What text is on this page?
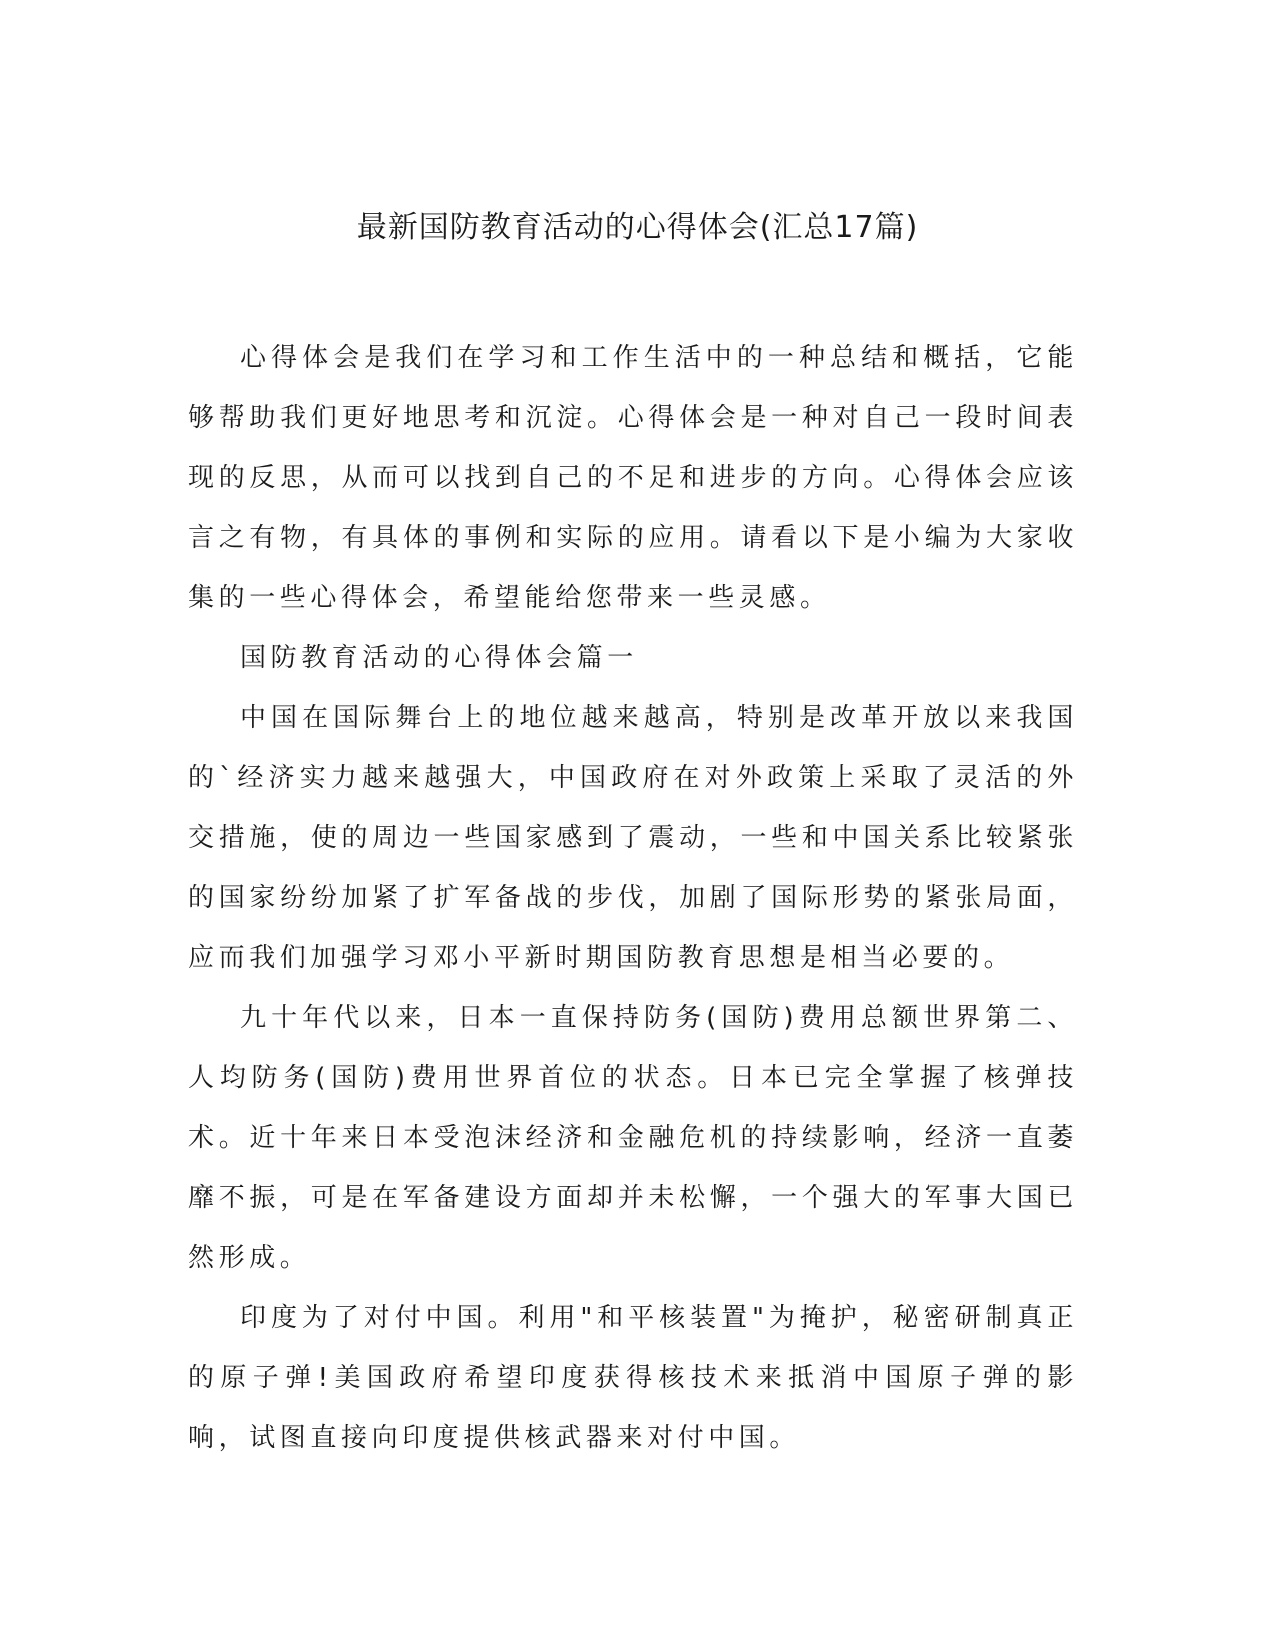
最新国防教育活动的心得体会(汇总17篇)

心得体会是我们在学习和工作生活中的一种总结和概括，它能够帮助我们更好地思考和沉淀。心得体会是一种对自己一段时间表现的反思，从而可以找到自己的不足和进步的方向。心得体会应该言之有物，有具体的事例和实际的应用。请看以下是小编为大家收集的一些心得体会，希望能给您带来一些灵感。

国防教育活动的心得体会篇一

中国在国际舞台上的地位越来越高，特别是改革开放以来我国的`经济实力越来越强大，中国政府在对外政策上采取了灵活的外交措施，使的周边一些国家感到了震动，一些和中国关系比较紧张的国家纷纷加紧了扩军备战的步伐，加剧了国际形势的紧张局面，应而我们加强学习邓小平新时期国防教育思想是相当必要的。

九十年代以来，日本一直保持防务(国防)费用总额世界第二、人均防务(国防)费用世界首位的状态。日本已完全掌握了核弹技术。近十年来日本受泡沫经济和金融危机的持续影响，经济一直萎靡不振，可是在军备建设方面却并未松懈，一个强大的军事大国已然形成。

印度为了对付中国。利用"和平核装置"为掩护，秘密研制真正的原子弹!美国政府希望印度获得核技术来抵消中国原子弹的影响，试图直接向印度提供核武器来对付中国。
